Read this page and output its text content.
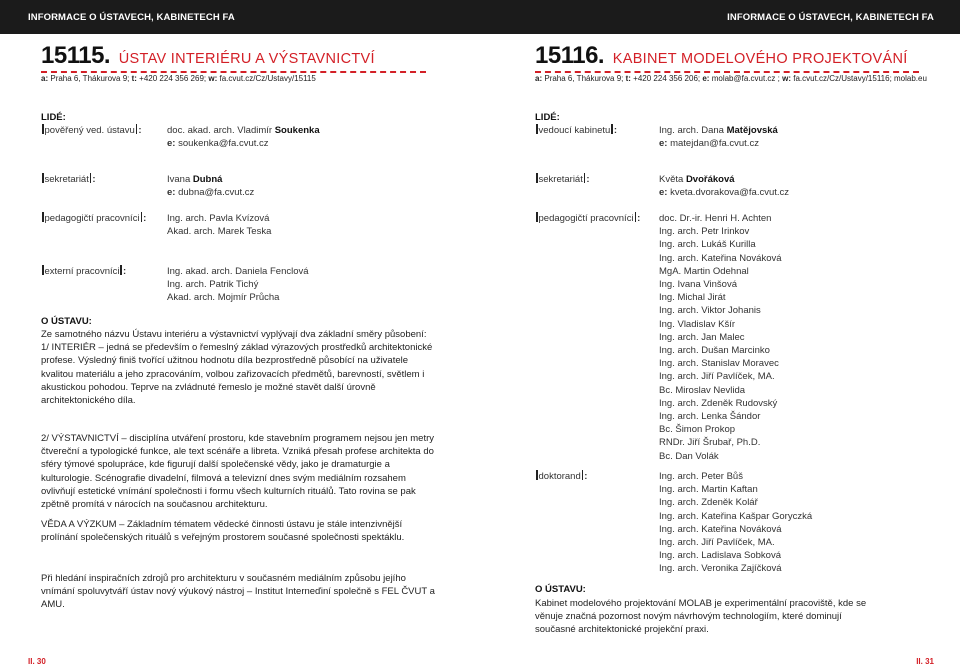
INFORMACE O ÚSTAVECH, KABINETECH FA	INFORMACE O ÚSTAVECH, KABINETECH FA
15115. ÚSTAV INTERIÉRU A VÝSTAVNICTVÍ
a: Praha 6, Thákurova 9; t: +420 224 356 269; w: fa.cvut.cz/Cz/Ustavy/15115
LIDÉ:
pověřený ved. ústavu :	doc. akad. arch. Vladimír Soukenka
e: soukenka@fa.cvut.cz
sekretariát :	Ivana Dubná
e: dubna@fa.cvut.cz
pedagogičtí pracovníci : Ing. arch. Pavla Kvízová
Akad. arch. Marek Teska
externí pracovníci :	Ing. akad. arch. Daniela Fenclová
Ing. arch. Patrik Tichý
Akad. arch. Mojmír Průcha
O ÚSTAVU:
Ze samotného názvu Ústavu interiéru a výstavnictví vyplývají dva základní směry působení:
1/ INTERIÉR – jedná se především o řemeslný základ výrazových prostředků architektonické profese. Výsledný finiš tvořící užitnou hodnotu díla bezprostředně působící na uživatele kvalitou materiálu a jeho zpracováním, volbou zařizovacích předmětů, barevností, světlem i akustickou pohodou. Teprve na zvládnuté řemeslo je možné stavět další úrovně architektonického díla.
2/ VÝSTAVNICTVÍ – disciplína utváření prostoru, kde stavebním programem nejsou jen metry čtvereční a typologické funkce, ale text scénáře a libreta. Vzniká přesah profese architekta do sféry týmové spolupráce, kde figurují další společenské vědy, jako je dramaturgie a kulturologie. Scénografie divadelní, filmová a televizní dnes svým mediálním rozsahem ovlivňují estetické vnímání společnosti i formu všech kulturních rituálů. Tato rovina se pak zpětně promítá v nárocích na současnou architekturu.
VĚDA A VÝZKUM – Základním tématem vědecké činnosti ústavu je stále intenzivnější prolínání společenských rituálů s veřejným prostorem současné společnosti spektáklu.
Při hledání inspiračních zdrojů pro architekturu v současném mediálním způsobu jejího vnímání spoluvytváří ústav nový výukový nástroj – Institut Interneďiní společně s FEL ČVUT a AMU.
II. 30
15116. KABINET MODELOVÉHO PROJEKTOVÁNÍ
a: Praha 6, Thákurova 9; t: +420 224 356 206; e: molab@fa.cvut.cz ; w: fa.cvut.cz/Cz/Ustavy/15116; molab.eu
LIDÉ:
vedoucí kabinetu :	Ing. arch. Dana Matějovská
e: matejdan@fa.cvut.cz
sekretariát :	Květa Dvořáková
e: kveta.dvorakova@fa.cvut.cz
pedagogičtí pracovníci : doc. Dr.-ir. Henri H. Achten
Ing. arch. Petr Irinkov
Ing. arch. Lukáš Kurilla
Ing. arch. Kateřina Nováková
MgA. Martin Odehnal
Ing. Ivana Vinšová
Ing. Michal Jirát
Ing. arch. Viktor Johanis
Ing. Vladislav Kšír
Ing. arch. Jan Malec
Ing. arch. Dušan Marcinko
Ing. arch. Stanislav Moravec
Ing. arch. Jiří Pavlíček, MA.
Bc. Miroslav Nevlida
Ing. arch. Zdeněk Rudovský
Ing. arch. Lenka Šándor
Bc. Šimon Prokop
RNDr. Jiří Šrubař, Ph.D.
Bc. Dan Volák
doktorand :	Ing. arch. Peter Bůš
Ing. arch. Martin Kaftan
Ing. arch. Zdeněk Kolář
Ing. arch. Kateřina Kašpar Goryczká
Ing. arch. Kateřina Nováková
Ing. arch. Jiří Pavlíček, MA.
Ing. arch. Ladislava Sobková
Ing. arch. Veronika Zajíčková
O ÚSTAVU:
Kabinet modelového projektování MOLAB je experimentální pracoviště, kde se věnuje značná pozornost novým návrhovým technologiím, které dominují současné architektonické projekční praxi.
II. 31
